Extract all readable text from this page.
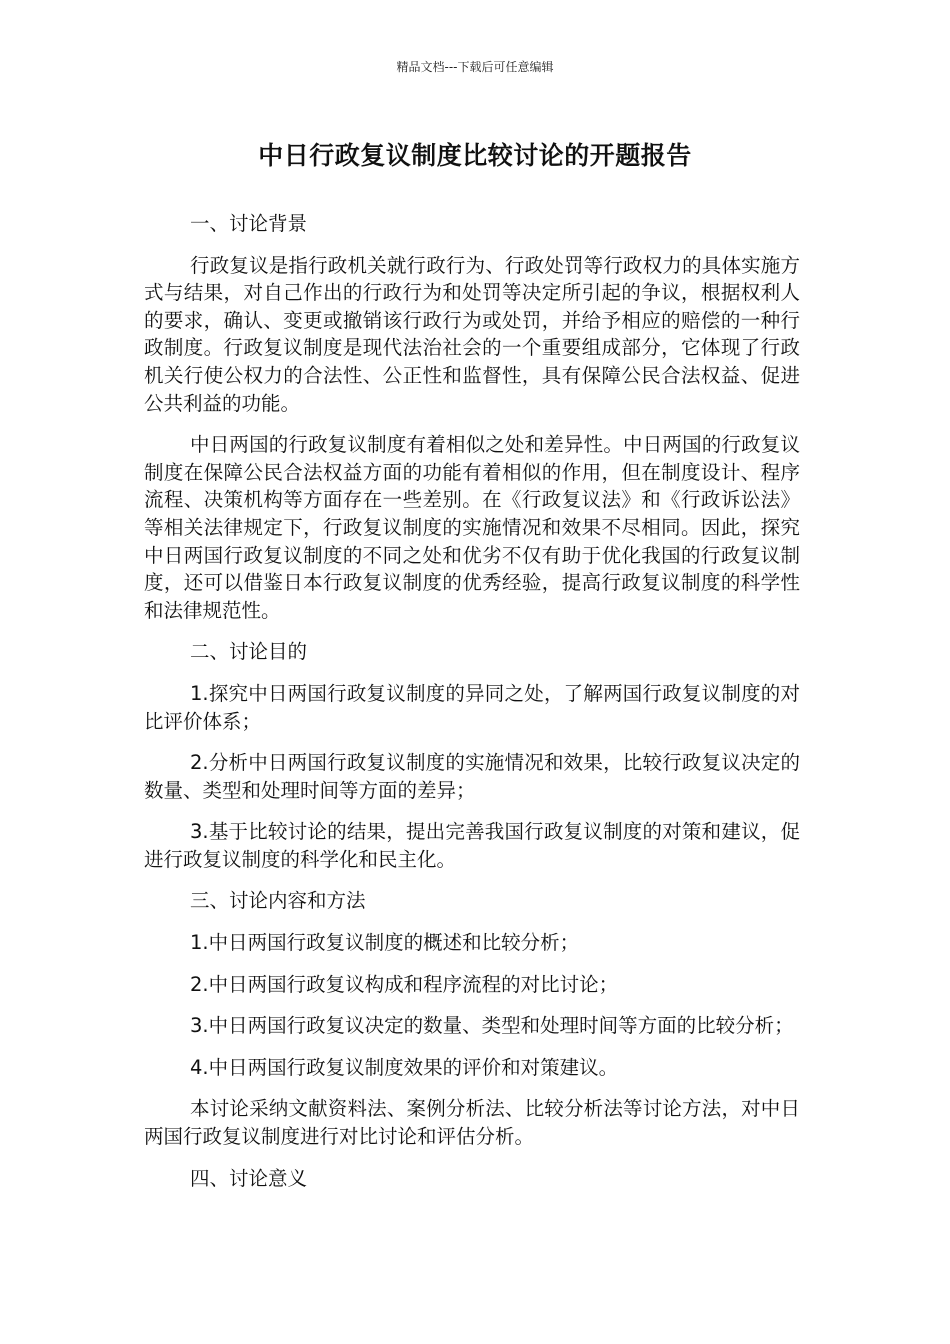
精品文档---下载后可任意编辑
中日行政复议制度比较讨论的开题报告

一、讨论背景

行政复议是指行政机关就行政行为、行政处罚等行政权力的具体实施方式与结果，对自己作出的行政行为和处罚等决定所引起的争议，根据权利人的要求，确认、变更或撤销该行政行为或处罚，并给予相应的赔偿的一种行政制度。行政复议制度是现代法治社会的一个重要组成部分，它体现了行政机关行使公权力的合法性、公正性和监督性，具有保障公民合法权益、促进公共利益的功能。

中日两国的行政复议制度有着相似之处和差异性。中日两国的行政复议制度在保障公民合法权益方面的功能有着相似的作用，但在制度设计、程序流程、决策机构等方面存在一些差别。在《行政复议法》和《行政诉讼法》等相关法律规定下，行政复议制度的实施情况和效果不尽相同。因此，探究中日两国行政复议制度的不同之处和优劣不仅有助于优化我国的行政复议制度，还可以借鉴日本行政复议制度的优秀经验，提高行政复议制度的科学性和法律规范性。

二、讨论目的

1.探究中日两国行政复议制度的异同之处，了解两国行政复议制度的对比评价体系；

2.分析中日两国行政复议制度的实施情况和效果，比较行政复议决定的数量、类型和处理时间等方面的差异；

3.基于比较讨论的结果，提出完善我国行政复议制度的对策和建议，促进行政复议制度的科学化和民主化。

三、讨论内容和方法

1.中日两国行政复议制度的概述和比较分析；

2.中日两国行政复议构成和程序流程的对比讨论；

3.中日两国行政复议决定的数量、类型和处理时间等方面的比较分析；

4.中日两国行政复议制度效果的评价和对策建议。

本讨论采纳文献资料法、案例分析法、比较分析法等讨论方法，对中日两国行政复议制度进行对比讨论和评估分析。

四、讨论意义
